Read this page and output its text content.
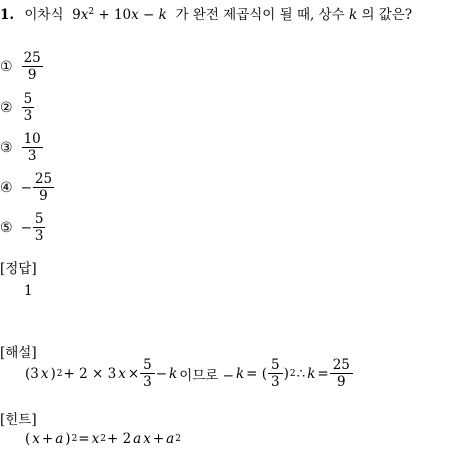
1. 이차식 $9x^2 + 10x - k$ 가 완전 제곱식이 될 때, 상수 k 의 값은?
① $\frac{25}{9}$
② $\frac{5}{3}$
③ $\frac{10}{3}$
④ − $\frac{25}{9}$
⑤ − $\frac{5}{3}$
[정답]
1
[해설]
(3 x ) 2 + 2 × 3 $x \times \frac{5}{3} - k$ 이므로 − k = ( $\frac{5}{3}$ ) 2 ∴ $k = \frac{25}{9}$
[힌트]
( x + a ) 2 = x 2 + 2 a x + a 2
